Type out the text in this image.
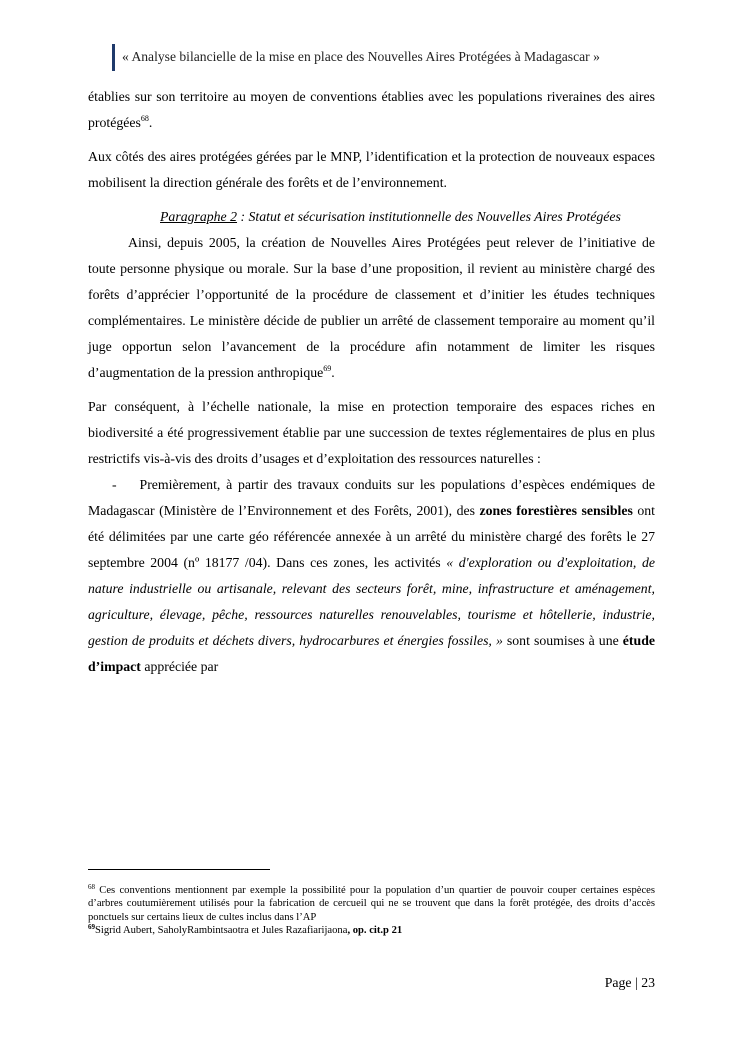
« Analyse bilancielle de la mise en place des Nouvelles Aires Protégées à Madagascar »

établies sur son territoire au moyen de conventions établies avec les populations riveraines des aires protégées$^{68}$.

Aux côtés des aires protégées gérées par le MNP, l’identification et la protection de nouveaux espaces mobilisent la direction générale des forêts et de l’environnement.

Paragraphe 2 : Statut et sécurisation institutionnelle des Nouvelles Aires Protégées

Ainsi, depuis 2005, la création de Nouvelles Aires Protégées peut relever de l’initiative de toute personne physique ou morale. Sur la base d’une proposition, il revient au ministère chargé des forêts d’apprécier l’opportunité de la procédure de classement et d’initier les études techniques complémentaires. Le ministère décide de publier un arrêté de classement temporaire au moment qu’il juge opportun selon l’avancement de la procédure afin notamment de limiter les risques d’augmentation de la pression anthropique$^{69}$.

Par conséquent, à l’échelle nationale, la mise en protection temporaire des espaces riches en biodiversité a été progressivement établie par une succession de textes réglementaires de plus en plus restrictifs vis-à-vis des droits d’usages et d’exploitation des ressources naturelles :

- Premièrement, à partir des travaux conduits sur les populations d’espèces endémiques de Madagascar (Ministère de l’Environnement et des Forêts, 2001), des zones forestières sensibles ont été délimitées par une carte géo référencée annexée à un arrêté du ministère chargé des forêts le 27 septembre 2004 (nº 18177 /04). Dans ces zones, les activités « d'exploration ou d'exploitation, de nature industrielle ou artisanale, relevant des secteurs forêt, mine, infrastructure et aménagement, agriculture, élevage, pêche, ressources naturelles renouvelables, tourisme et hôtellerie, industrie, gestion de produits et déchets divers, hydrocarbures et énergies fossiles, » sont soumises à une étude d’impact appréciée par

$^{68}$ Ces conventions mentionnent par exemple la possibilité pour la population d’un quartier de pouvoir couper certaines espèces d’arbres coutumièrement utilisés pour la fabrication de cercueil qui ne se trouvent que dans la forêt protégée, des droits d’accès ponctuels sur certains lieux de cultes inclus dans l’AP

$^{69}$Sigrid Aubert, SaholyRambintsaotra et Jules Razafiarijaona, op. cit.p 21

Page | 23
